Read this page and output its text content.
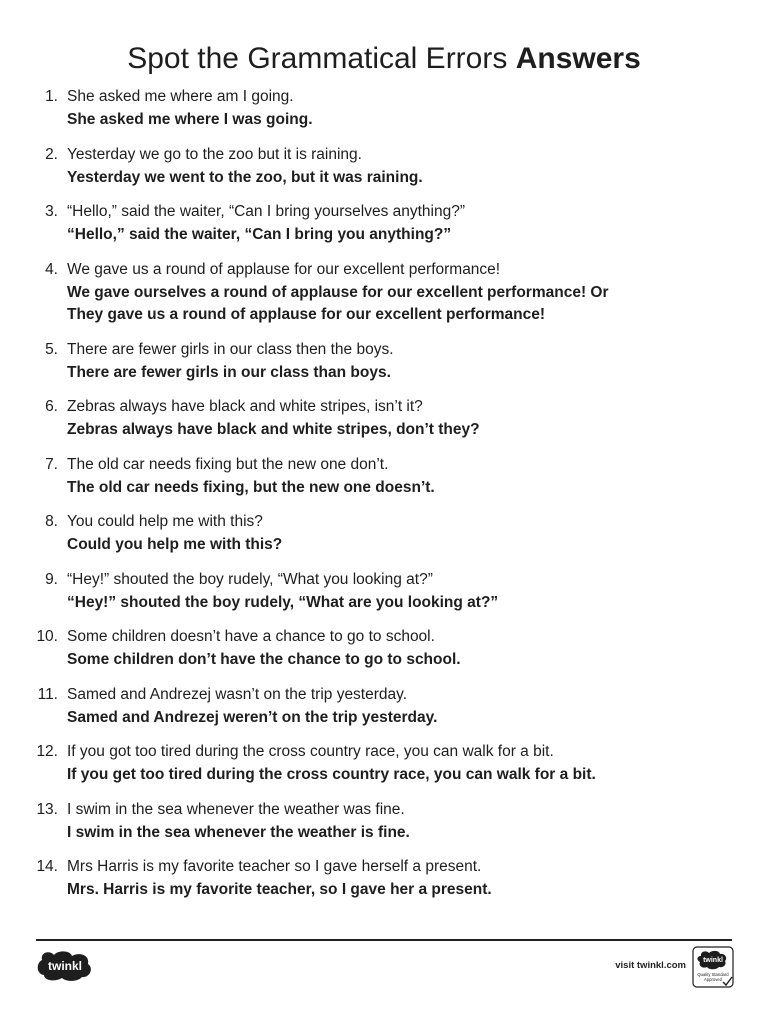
Spot the Grammatical Errors Answers
1. She asked me where am I going.
She asked me where I was going.
2. Yesterday we go to the zoo but it is raining.
Yesterday we went to the zoo, but it was raining.
3. “Hello,” said the waiter, “Can I bring yourselves anything?”
“Hello,” said the waiter, “Can I bring you anything?”
4. We gave us a round of applause for our excellent performance!
We gave ourselves a round of applause for our excellent performance! Or
They gave us a round of applause for our excellent performance!
5. There are fewer girls in our class then the boys.
There are fewer girls in our class than boys.
6. Zebras always have black and white stripes, isn’t it?
Zebras always have black and white stripes, don’t they?
7. The old car needs fixing but the new one don’t.
The old car needs fixing, but the new one doesn’t.
8. You could help me with this?
Could you help me with this?
9. “Hey!” shouted the boy rudely, “What you looking at?”
“Hey!” shouted the boy rudely, “What are you looking at?”
10. Some children doesn’t have a chance to go to school.
Some children don’t have the chance to go to school.
11. Samed and Andrezej wasn’t on the trip yesterday.
Samed and Andrezej weren’t on the trip yesterday.
12. If you got too tired during the cross country race, you can walk for a bit.
If you get too tired during the cross country race, you can walk for a bit.
13. I swim in the sea whenever the weather was fine.
I swim in the sea whenever the weather is fine.
14. Mrs Harris is my favorite teacher so I gave herself a present.
Mrs. Harris is my favorite teacher, so I gave her a present.
twinkl	visit twinkl.com twinkl
Quality Standard
Approved
